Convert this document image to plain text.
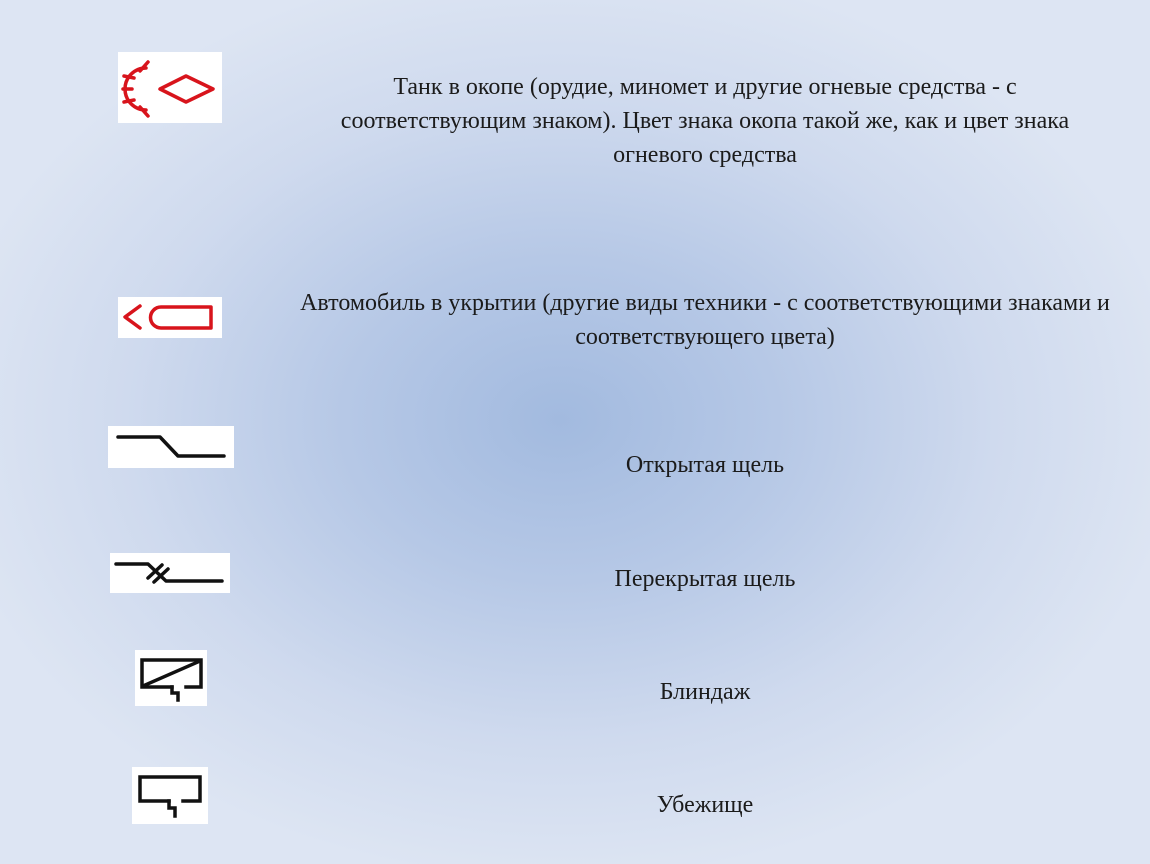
Танк в окопе (орудие, миномет и другие огневые средства - с соответствующим знаком). Цвет знака окопа такой же, как и цвет знака огневого средства
Автомобиль в укрытии (другие виды техники - с соответствующими знаками и соответствующего цвета)
Открытая щель
Перекрытая щель
Блиндаж
Убежище
